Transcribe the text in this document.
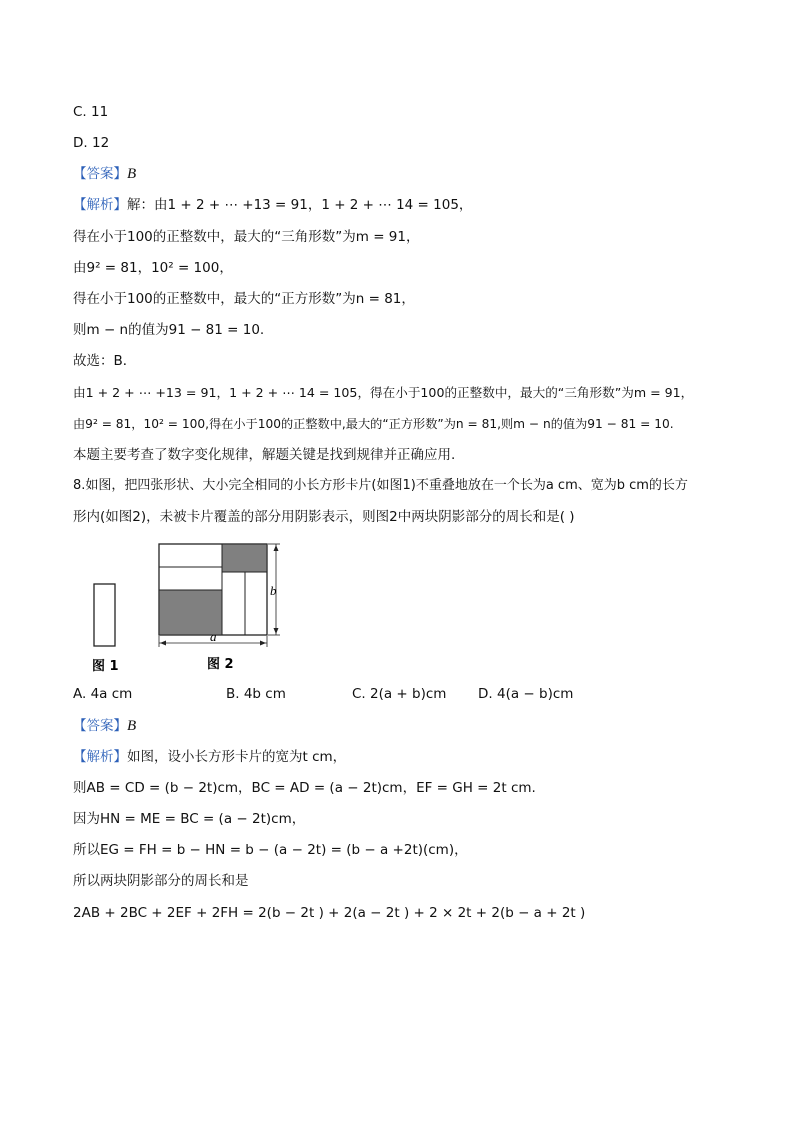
C. 11
D. 12
【答案】B
【解析】解：由1 + 2 + ⋯ +13 = 91，1 + 2 + ⋯ 14 = 105，
得在小于100的正整数中，最大的“三角形数”为m = 91，
由9² = 81，10² = 100，
得在小于100的正整数中，最大的“正方形数”为n = 81，
则m − n的值为91 − 81 = 10.
故选：B．
由1 + 2 + ⋯ +13 = 91，1 + 2 + ⋯ 14 = 105，得在小于100的正整数中，最大的“三角形数”为m = 91，
由9² = 81，10² = 100,得在小于100的正整数中,最大的“正方形数”为n = 81,则m − n的值为91 − 81 = 10.
本题主要考查了数字变化规律，解题关键是找到规律并正确应用.
8.如图，把四张形状、大小完全相同的小长方形卡片(如图1)不重叠地放在一个长为a cm、宽为b cm的长方
形内(如图2)，未被卡片覆盖的部分用阴影表示，则图2中两块阴影部分的周长和是( )
b
a
图 1	图 2
A. 4a cm	B. 4b cm	C. 2(a + b)cm D. 4(a − b)cm
【答案】B
【解析】如图，设小长方形卡片的宽为t cm，
则AB = CD = (b − 2t)cm，BC = AD = (a − 2t)cm，EF = GH = 2t cm.
因为HN = ME = BC = (a − 2t)cm，
所以EG = FH = b − HN = b − (a − 2t) = (b − a +2t)(cm)，
所以两块阴影部分的周长和是
2AB + 2BC + 2EF + 2FH = 2(b − 2t ) + 2(a − 2t ) + 2 × 2t + 2(b − a + 2t )
